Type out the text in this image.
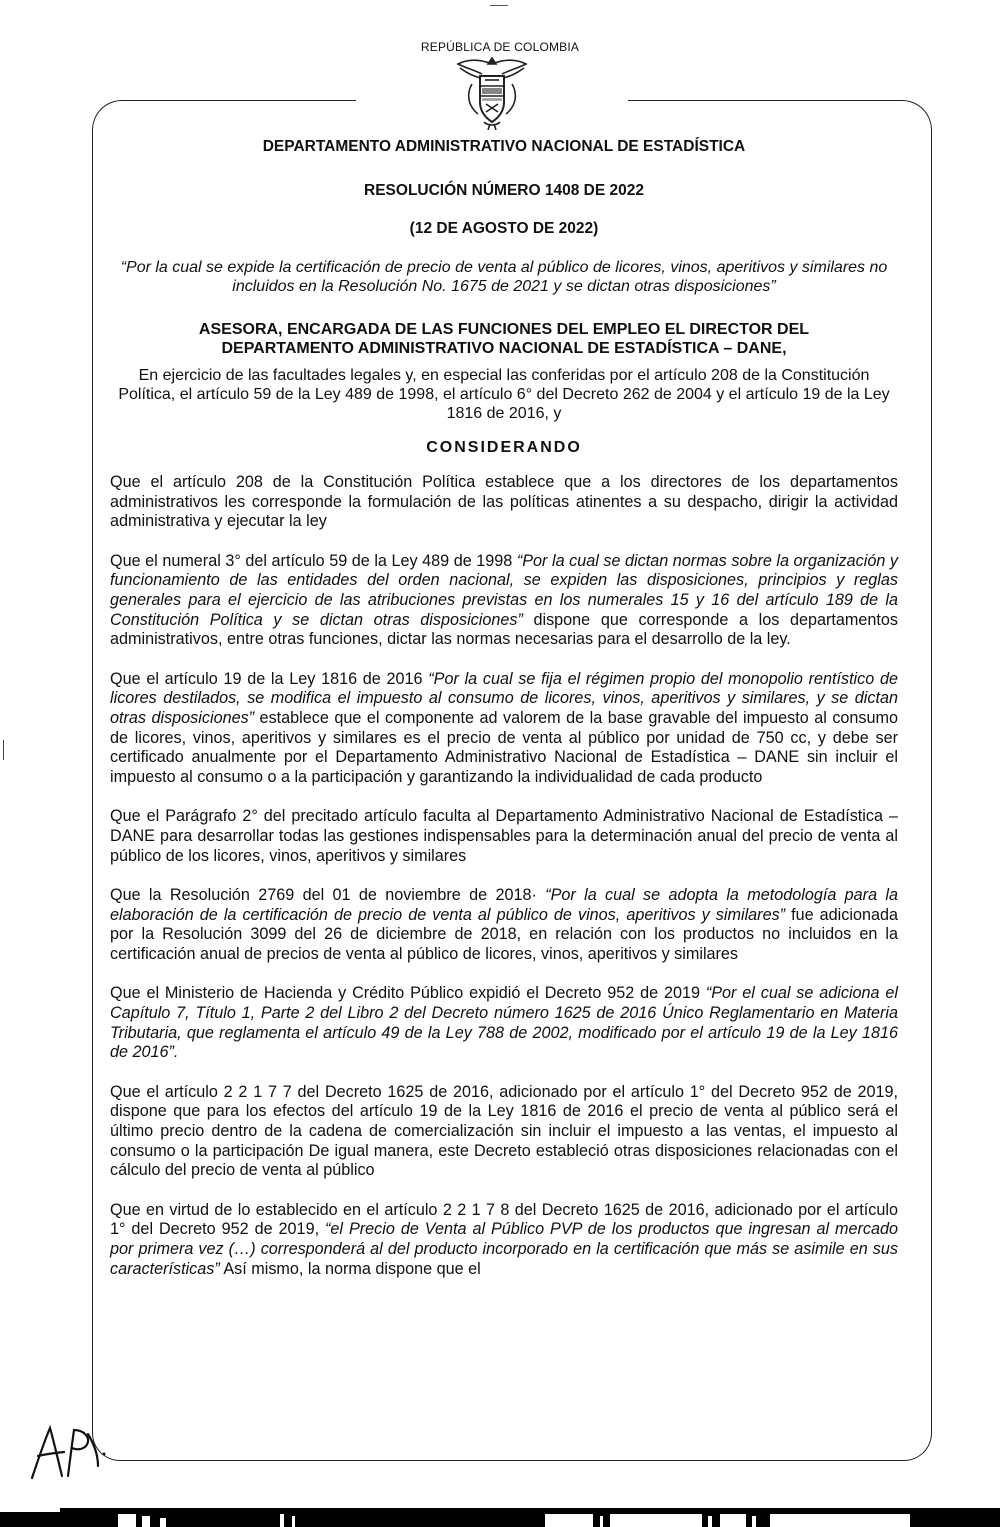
REPÚBLICA DE COLOMBIA

DEPARTAMENTO ADMINISTRATIVO NACIONAL DE ESTADÍSTICA

RESOLUCIÓN NÚMERO 1408 DE 2022

(12 DE AGOSTO DE 2022)

“Por la cual se expide la certificación de precio de venta al público de licores, vinos, aperitivos y similares no incluidos en la Resolución No. 1675 de 2021 y se dictan otras disposiciones”

ASESORA, ENCARGADA DE LAS FUNCIONES DEL EMPLEO EL DIRECTOR DEL
DEPARTAMENTO ADMINISTRATIVO NACIONAL DE ESTADÍSTICA – DANE,

En ejercicio de las facultades legales y, en especial las conferidas por el artículo 208 de la Constitución Política, el artículo 59 de la Ley 489 de 1998, el artículo 6° del Decreto 262 de 2004 y el artículo 19 de la Ley 1816 de 2016, y

CONSIDERANDO

Que el artículo 208 de la Constitución Política establece que a los directores de los departamentos administrativos les corresponde la formulación de las políticas atinentes a su despacho, dirigir la actividad administrativa y ejecutar la ley

Que el numeral 3° del artículo 59 de la Ley 489 de 1998 “Por la cual se dictan normas sobre la organización y funcionamiento de las entidades del orden nacional, se expiden las disposiciones, principios y reglas generales para el ejercicio de las atribuciones previstas en los numerales 15 y 16 del artículo 189 de la Constitución Política y se dictan otras disposiciones” dispone que corresponde a los departamentos administrativos, entre otras funciones, dictar las normas necesarias para el desarrollo de la ley.

Que el artículo 19 de la Ley 1816 de 2016 “Por la cual se fija el régimen propio del monopolio rentístico de licores destilados, se modifica el impuesto al consumo de licores, vinos, aperitivos y similares, y se dictan otras disposiciones” establece que el componente ad valorem de la base gravable del impuesto al consumo de licores, vinos, aperitivos y similares es el precio de venta al público por unidad de 750 cc, y debe ser certificado anualmente por el Departamento Administrativo Nacional de Estadística – DANE sin incluir el impuesto al consumo o a la participación y garantizando la individualidad de cada producto

Que el Parágrafo 2° del precitado artículo faculta al Departamento Administrativo Nacional de Estadística – DANE para desarrollar todas las gestiones indispensables para la determinación anual del precio de venta al público de los licores, vinos, aperitivos y similares

Que la Resolución 2769 del 01 de noviembre de 2018· “Por la cual se adopta la metodología para la elaboración de la certificación de precio de venta al público de vinos, aperitivos y similares” fue adicionada por la Resolución 3099 del 26 de diciembre de 2018, en relación con los productos no incluidos en la certificación anual de precios de venta al público de licores, vinos, aperitivos y similares

Que el Ministerio de Hacienda y Crédito Público expidió el Decreto 952 de 2019 “Por el cual se adiciona el Capítulo 7, Título 1, Parte 2 del Libro 2 del Decreto número 1625 de 2016 Único Reglamentario en Materia Tributaria, que reglamenta el artículo 49 de la Ley 788 de 2002, modificado por el artículo 19 de la Ley 1816 de 2016”.

Que el artículo 2 2 1 7 7 del Decreto 1625 de 2016, adicionado por el artículo 1° del Decreto 952 de 2019, dispone que para los efectos del artículo 19 de la Ley 1816 de 2016 el precio de venta al público será el último precio dentro de la cadena de comercialización sin incluir el impuesto a las ventas, el impuesto al consumo o la participación De igual manera, este Decreto estableció otras disposiciones relacionadas con el cálculo del precio de venta al público

Que en virtud de lo establecido en el artículo 2 2 1 7 8 del Decreto 1625 de 2016, adicionado por el artículo 1° del Decreto 952 de 2019, “el Precio de Venta al Público PVP de los productos que ingresan al mercado por primera vez (…) corresponderá al del producto incorporado en la certificación que más se asimile en sus características” Así mismo, la norma dispone que el
